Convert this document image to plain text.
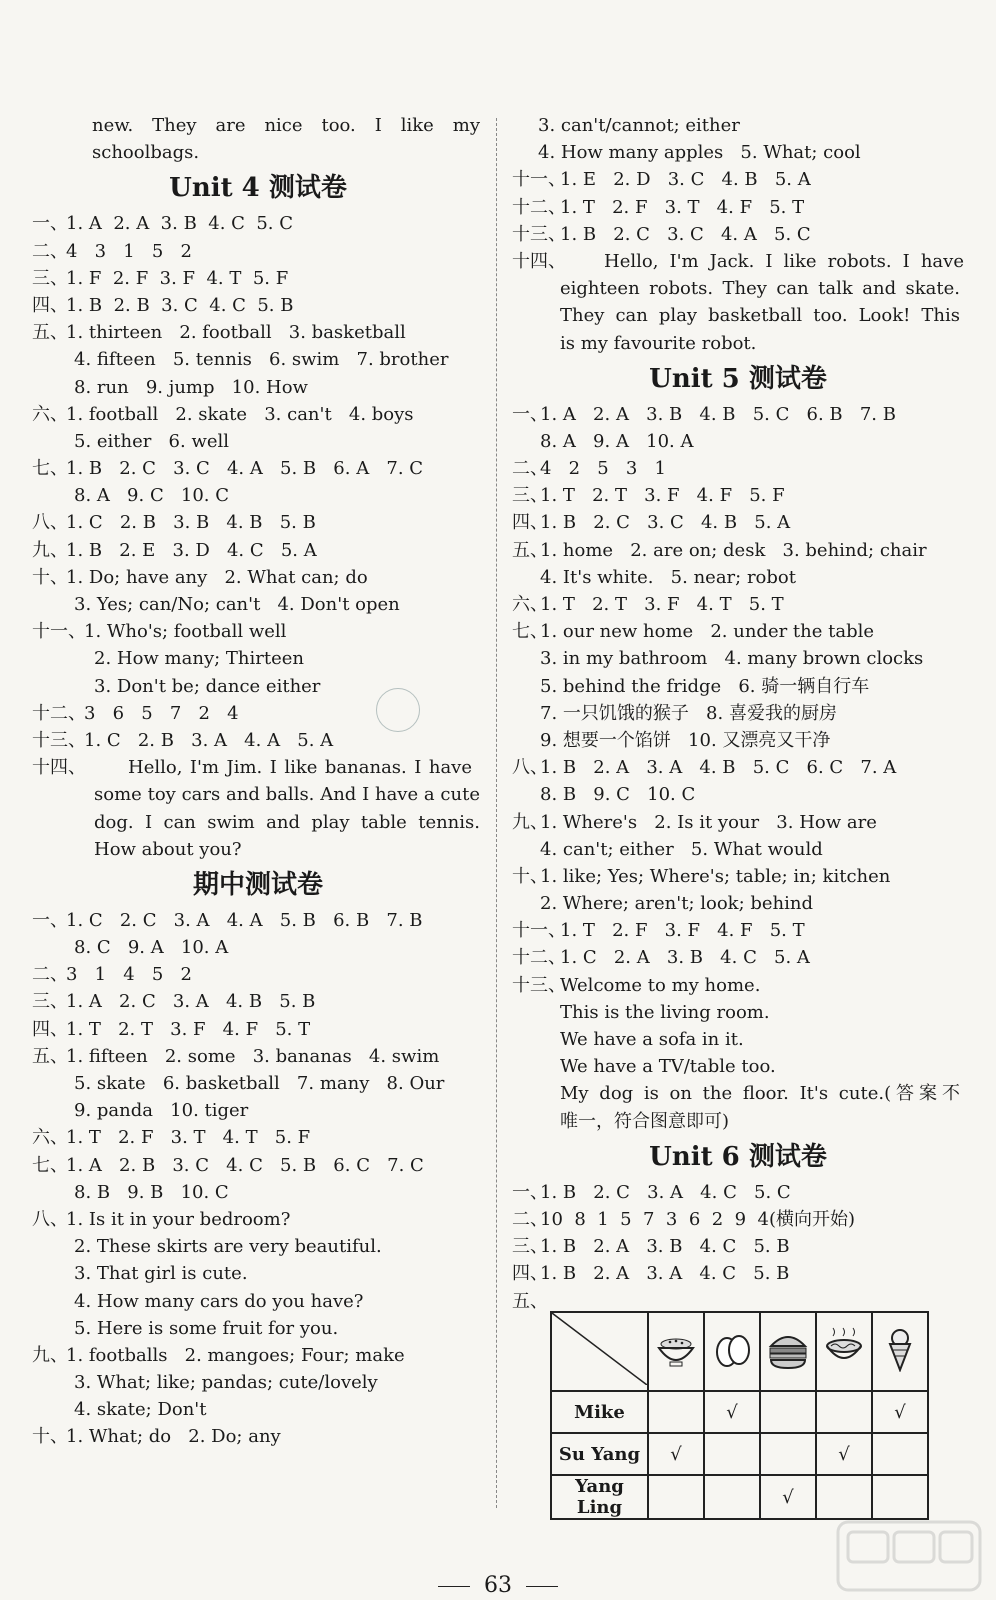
new. They are nice too. I like my
schoolbags.
Unit 4 测试卷
一、
1. A  2. A  3. B  4. C  5. C
二、
4   3   1   5   2
三、
1. F  2. F  3. F  4. T  5. F
四、
1. B  2. B  3. C  4. C  5. B
五、
1. thirteen   2. football   3. basketball
4. fifteen   5. tennis   6. swim   7. brother
8. run   9. jump   10. How
六、
1. football   2. skate   3. can't   4. boys
5. either   6. well
七、
1. B   2. C   3. C   4. A   5. B   6. A   7. C
8. A   9. C   10. C
八、
1. C   2. B   3. B   4. B   5. B
九、
1. B   2. E   3. D   4. C   5. A
十、
1. Do; have any   2. What can; do
3. Yes; can/No; can't   4. Don't open
十一、
1. Who's; football well
2. How many; Thirteen
3. Don't be; dance either
十二、
3   6   5   7   2   4
十三、
1. C   2. B   3. A   4. A   5. A
十四、 Hello, I'm Jim. I like bananas. I have
some toy cars and balls. And I have a cute
dog. I can swim and play table tennis.
How about you?
期中测试卷
一、
1. C   2. C   3. A   4. A   5. B   6. B   7. B
8. C   9. A   10. A
二、
3   1   4   5   2
三、
1. A   2. C   3. A   4. B   5. B
四、
1. T   2. T   3. F   4. F   5. T
五、
1. fifteen   2. some   3. bananas   4. swim
5. skate   6. basketball   7. many   8. Our
9. panda   10. tiger
六、
1. T   2. F   3. T   4. T   5. F
七、
1. A   2. B   3. C   4. C   5. B   6. C   7. C
8. B   9. B   10. C
八、
1. Is it in your bedroom?
2. These skirts are very beautiful.
3. That girl is cute.
4. How many cars do you have?
5. Here is some fruit for you.
九、
1. footballs   2. mangoes; Four; make
3. What; like; pandas; cute/lovely
4. skate; Don't
十、
1. What; do   2. Do; any
3. can't/cannot; either
4. How many apples   5. What; cool
十一、
1. E   2. D   3. C   4. B   5. A
十二、
1. T   2. F   3. T   4. F   5. T
十三、
1. B   2. C   3. C   4. A   5. C
十四、 Hello, I'm Jack. I like robots. I have
eighteen robots. They can talk and skate.
They can play basketball too. Look! This
is my favourite robot.
Unit 5 测试卷
一、
1. A   2. A   3. B   4. B   5. C   6. B   7. B
8. A   9. A   10. A
二、
4   2   5   3   1
三、
1. T   2. T   3. F   4. F   5. F
四、
1. B   2. C   3. C   4. B   5. A
五、
1. home   2. are on; desk   3. behind; chair
4. It's white.   5. near; robot
六、
1. T   2. T   3. F   4. T   5. T
七、
1. our new home   2. under the table
3. in my bathroom   4. many brown clocks
5. behind the fridge   6. 骑一辆自行车
7. 一只饥饿的猴子   8. 喜爱我的厨房
9. 想要一个馅饼   10. 又漂亮又干净
八、
1. B   2. A   3. A   4. B   5. C   6. C   7. A
8. B   9. C   10. C
九、
1. Where's   2. Is it your   3. How are
4. can't; either   5. What would
十、
1. like; Yes; Where's; table; in; kitchen
2. Where; aren't; look; behind
十一、
1. T   2. F   3. F   4. F   5. T
十二、
1. C   2. A   3. B   4. C   5. A
十三、
Welcome to my home.
This is the living room.
We have a sofa in it.
We have a TV/table too.
My dog is on the floor. It's cute.(答案不
唯一，符合图意即可)
Unit 6 测试卷
一、
1. B   2. C   3. A   4. C   5. C
二、
10  8  1  5  7  3  6  2  9  4(横向开始)
三、
1. B   2. A   3. B   4. C   5. B
四、
1. B   2. A   3. A   4. C   5. B
五、

Mike		√			√
Su Yang	√			√	
Yang Ling			√		
63
